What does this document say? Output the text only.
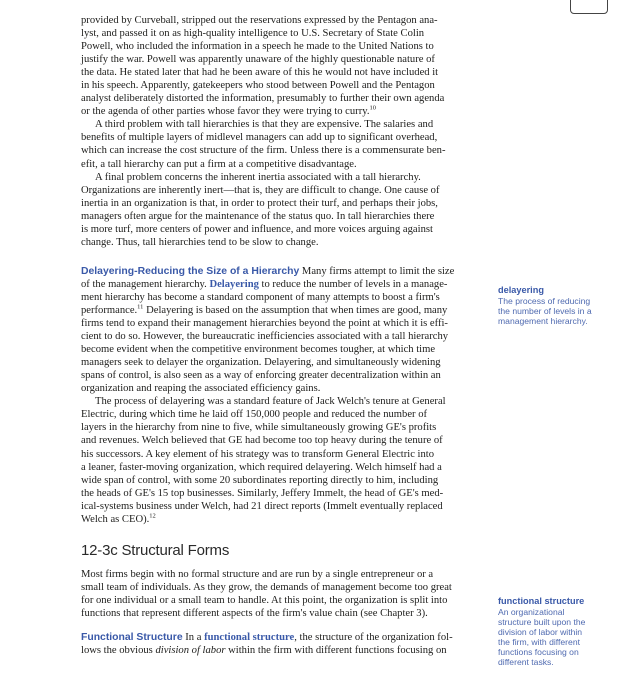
provided by Curveball, stripped out the reservations expressed by the Pentagon ana-
lyst, and passed it on as high-quality intelligence to U.S. Secretary of State Colin
Powell, who included the information in a speech he made to the United Nations to
justify the war. Powell was apparently unaware of the highly questionable nature of
the data. He stated later that had he been aware of this he would not have included it
in his speech. Apparently, gatekeepers who stood between Powell and the Pentagon
analyst deliberately distorted the information, presumably to further their own agenda
or the agenda of other parties whose favor they were trying to curry.$^{10}$

A third problem with tall hierarchies is that they are expensive. The salaries and
benefits of multiple layers of midlevel managers can add up to significant overhead,
which can increase the cost structure of the firm. Unless there is a commensurate ben-
efit, a tall hierarchy can put a firm at a competitive disadvantage.

A final problem concerns the inherent inertia associated with a tall hierarchy.
Organizations are inherently inert—that is, they are difficult to change. One cause of
inertia in an organization is that, in order to protect their turf, and perhaps their jobs,
managers often argue for the maintenance of the status quo. In tall hierarchies there
is more turf, more centers of power and influence, and more voices arguing against
change. Thus, tall hierarchies tend to be slow to change.

Delayering-Reducing the Size of a Hierarchy Many firms attempt to limit the size
of the management hierarchy. Delayering to reduce the number of levels in a manage-
ment hierarchy has become a standard component of many attempts to boost a firm's
performance.$^{11}$ Delayering is based on the assumption that when times are good, many
firms tend to expand their management hierarchies beyond the point at which it is effi-
cient to do so. However, the bureaucratic inefficiencies associated with a tall hierarchy
become evident when the competitive environment becomes tougher, at which time
managers seek to delayer the organization. Delayering, and simultaneously widening
spans of control, is also seen as a way of enforcing greater decentralization within an
organization and reaping the associated efficiency gains.

The process of delayering was a standard feature of Jack Welch's tenure at General
Electric, during which time he laid off 150,000 people and reduced the number of
layers in the hierarchy from nine to five, while simultaneously growing GE's profits
and revenues. Welch believed that GE had become too top heavy during the tenure of
his successors. A key element of his strategy was to transform General Electric into
a leaner, faster-moving organization, which required delayering. Welch himself had a
wide span of control, with some 20 subordinates reporting directly to him, including
the heads of GE's 15 top businesses. Similarly, Jeffery Immelt, the head of GE's med-
ical-systems business under Welch, had 21 direct reports (Immelt eventually replaced
Welch as CEO).$^{12}$

12-3c Structural Forms

Most firms begin with no formal structure and are run by a single entrepreneur or a
small team of individuals. As they grow, the demands of management become too great
for one individual or a small team to handle. At this point, the organization is split into
functions that represent different aspects of the firm's value chain (see Chapter 3).

Functional Structure In a functional structure, the structure of the organization fol-
lows the obvious division of labor within the firm with different functions focusing on

delayering

The process of reducing
the number of levels in a
management hierarchy.

functional structure

An organizational
structure built upon the
division of labor within
the firm, with different
functions focusing on
different tasks.
